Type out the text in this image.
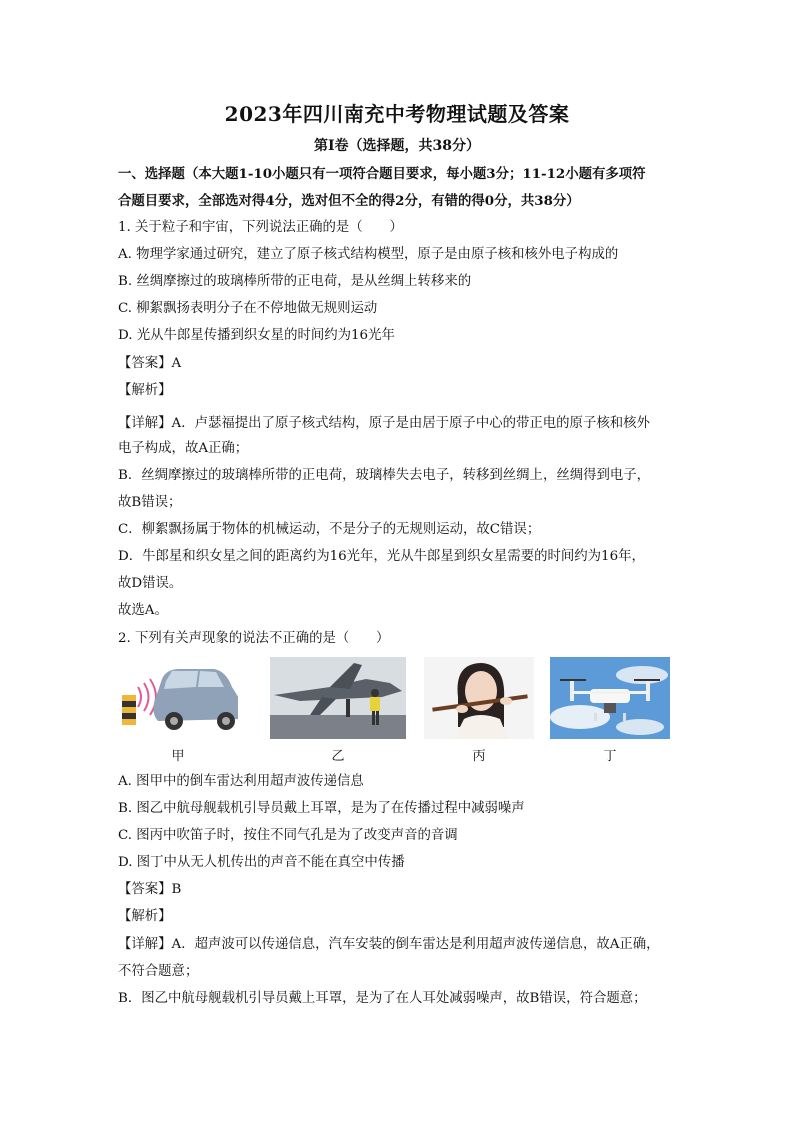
2023年四川南充中考物理试题及答案
第Ⅰ卷（选择题，共38分）
一、选择题（本大题1-10小题只有一项符合题目要求，每小题3分；11-12小题有多项符
合题目要求，全部选对得4分，选对但不全的得2分，有错的得0分，共38分）
1. 关于粒子和宇宙，下列说法正确的是（　　）
A. 物理学家通过研究，建立了原子核式结构模型，原子是由原子核和核外电子构成的
B. 丝绸摩擦过的玻璃棒所带的正电荷，是从丝绸上转移来的
C. 柳絮飘扬表明分子在不停地做无规则运动
D. 光从牛郎星传播到织女星的时间约为16光年
【答案】A
【解析】
【详解】A．卢瑟福提出了原子核式结构，原子是由居于原子中心的带正电的原子核和核外
电子构成，故A正确；
B．丝绸摩擦过的玻璃棒所带的正电荷，玻璃棒失去电子，转移到丝绸上，丝绸得到电子，
故B错误；
C．柳絮飘扬属于物体的机械运动，不是分子的无规则运动，故C错误；
D．牛郎星和织女星之间的距离约为16光年，光从牛郎星到织女星需要的时间约为16年，
故D错误。
故选A。
2. 下列有关声现象的说法不正确的是（　　）
甲	乙	丙	丁
A. 图甲中的倒车雷达利用超声波传递信息
B. 图乙中航母舰载机引导员戴上耳罩，是为了在传播过程中减弱噪声
C. 图丙中吹笛子时，按住不同气孔是为了改变声音的音调
D. 图丁中从无人机传出的声音不能在真空中传播
【答案】B
【解析】
【详解】A．超声波可以传递信息，汽车安装的倒车雷达是利用超声波传递信息，故A正确，
不符合题意；
B．图乙中航母舰载机引导员戴上耳罩，是为了在人耳处减弱噪声，故B错误，符合题意；
